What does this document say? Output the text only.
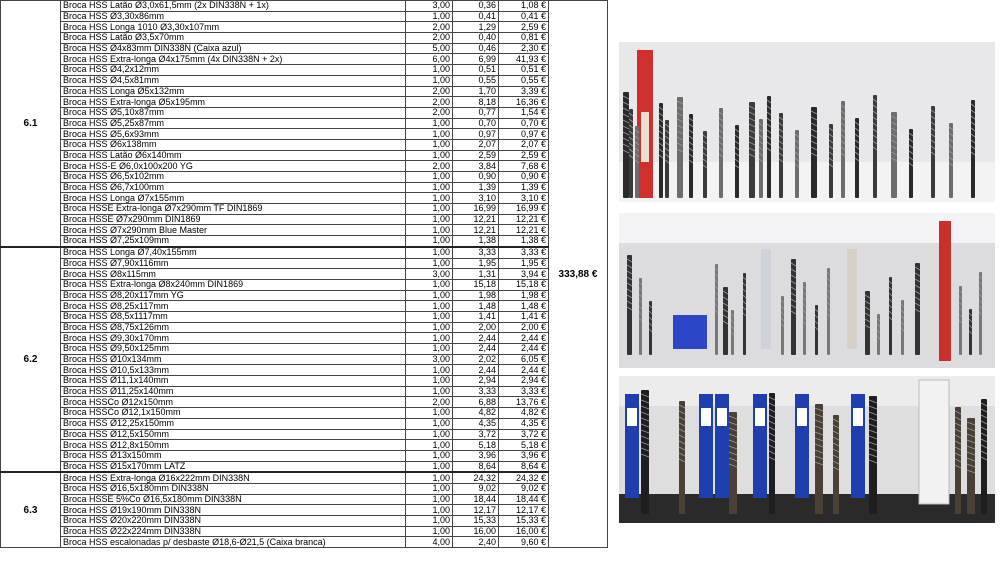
6.1	Broca HSS Latão Ø3,0x61,5mm (2x DIN338N + 1x)	3,00	0,36	1,08 €	333,88 €
	Broca HSS Ø3,30x86mm	1,00	0,41	0,41 €	
	Broca HSS Longa 1010 Ø3,30x107mm	2,00	1,29	2,59 €	
	Broca HSS Latão Ø3,5x70mm	2,00	0,40	0,81 €	
	Broca HSS Ø4x83mm DIN338N (Caixa azul)	5,00	0,46	2,30 €	
	Broca HSS Extra-longa Ø4x175mm (4x DIN338N + 2x)	6,00	6,99	41,93 €	
	Broca HSS Ø4,2x12mm	1,00	0,51	0,51 €	
	Broca HSS Ø4,5x81mm	1,00	0,55	0,55 €	
	Broca HSS Longa Ø5x132mm	2,00	1,70	3,39 €	
	Broca HSS Extra-longa Ø5x195mm	2,00	8,18	16,36 €	
	Broca HSS Ø5,10x87mm	2,00	0,77	1,54 €	
	Broca HSS Ø5,25x87mm	1,00	0,70	0,70 €	
	Broca HSS Ø5,6x93mm	1,00	0,97	0,97 €	
	Broca HSS Ø6x138mm	1,00	2,07	2,07 €	
	Broca HSS Latão Ø6x140mm	1,00	2,59	2,59 €	
	Broca HSS-E Ø6,0x100x200 YG	2,00	3,84	7,68 €	
	Broca HSS Ø6,5x102mm	1,00	0,90	0,90 €	
	Broca HSS Ø6,7x100mm	1,00	1,39	1,39 €	
	Broca HSS Longa Ø7x155mm	1,00	3,10	3,10 €	
	Broca HSSE Extra-longa Ø7x290mm TF DIN1869	1,00	16,99	16,99 €	
	Broca HSSE Ø7x290mm DIN1869	1,00	12,21	12,21 €	
	Broca HSS Ø7x290mm Blue Master	1,00	12,21	12,21 €	
	Broca HSS Ø7,25x109mm	1,00	1,38	1,38 €	
6.2	Broca HSS Longa Ø7,40x155mm	1,00	3,33	3,33 €	
	Broca HSS Ø7,90x116mm	1,00	1,95	1,95 €	
	Broca HSS Ø8x115mm	3,00	1,31	3,94 €	
	Broca HSS Extra-longa Ø8x240mm DIN1869	1,00	15,18	15,18 €	
	Broca HSS Ø8,20x117mm YG	1,00	1,98	1,98 €	
	Broca HSS Ø8,25x117mm	1,00	1,48	1,48 €	
	Broca HSS Ø8,5x1117mm	1,00	1,41	1,41 €	
	Broca HSS Ø8,75x126mm	1,00	2,00	2,00 €	
	Broca HSS Ø9,30x170mm	1,00	2,44	2,44 €	
	Broca HSS Ø9,50x125mm	1,00	2,44	2,44 €	
	Broca HSS Ø10x134mm	3,00	2,02	6,05 €	
	Broca HSS Ø10,5x133mm	1,00	2,44	2,44 €	
	Broca HSS Ø11,1x140mm	1,00	2,94	2,94 €	
	Broca HSS Ø11,25x140mm	1,00	3,33	3,33 €	
	Broca HSSCo Ø12x150mm	2,00	6,88	13,76 €	
	Broca HSSCo Ø12,1x150mm	1,00	4,82	4,82 €	
	Broca HSS Ø12,25x150mm	1,00	4,35	4,35 €	
	Broca HSS Ø12,5x150mm	1,00	3,72	3,72 €	
	Broca HSS Ø12,8x150mm	1,00	5,18	5,18 €	
	Broca HSS Ø13x150mm	1,00	3,96	3,96 €	
	Broca HSS Ø15x170mm LATZ	1,00	8,64	8,64 €	
6.3	Broca HSS Extra-longa Ø16x222mm DIN338N	1,00	24,32	24,32 €	
	Broca HSS Ø16,5x180mm DIN338N	1,00	9,02	9,02 €	
	Broca HSSE 5%Co Ø16,5x180mm DIN338N	1,00	18,44	18,44 €	
	Broca HSS Ø19x190mm DIN338N	1,00	12,17	12,17 €	
	Broca HSS Ø20x220mm DIN338N	1,00	15,33	15,33 €	
	Broca HSS Ø22x224mm DIN338N	1,00	16,00	16,00 €	
	Broca HSS escalonadas p/ desbaste Ø18,6-Ø21,5 (Caixa branca)	4,00	2,40	9,60 €	
